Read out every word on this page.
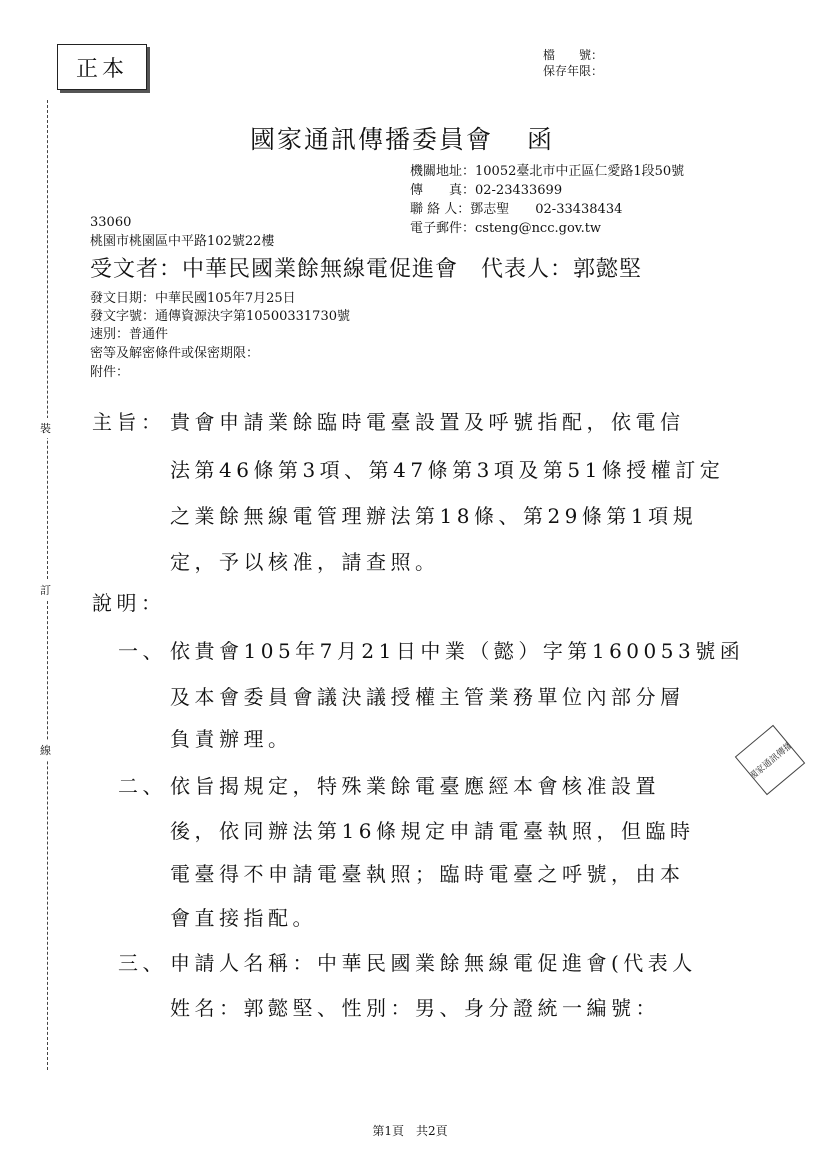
正本
檔　　號：
保存年限：
裝
訂
線
國家通訊傳播委員會 函
機關地址：10052臺北市中正區仁愛路1段50號
傳　　真：02-23433699
聯 絡 人：鄧志聖　　02-33438434
電子郵件：csteng@ncc.gov.tw
33060
桃園市桃園區中平路102號22樓
受文者：中華民國業餘無線電促進會　代表人：郭懿堅
發文日期：中華民國105年7月25日
發文字號：通傳資源決字第10500331730號
速別：普通件
密等及解密條件或保密期限：
附件：
主旨： 貴會申請業餘臨時電臺設置及呼號指配，依電信
法第46條第3項、第47條第3項及第51條授權訂定
之業餘無線電管理辦法第18條、第29條第1項規
定，予以核准，請查照。
說明：
一、 依貴會105年7月21日中業（懿）字第160053號函
及本會委員會議決議授權主管業務單位內部分層
負責辦理。
二、 依旨揭規定，特殊業餘電臺應經本會核准設置
後，依同辦法第16條規定申請電臺執照，但臨時
電臺得不申請電臺執照；臨時電臺之呼號，由本
會直接指配。
三、 申請人名稱：中華民國業餘無線電促進會(代表人
姓名：郭懿堅、性別：男、身分證統一編號：
國家通訊傳播
第1頁　共2頁
